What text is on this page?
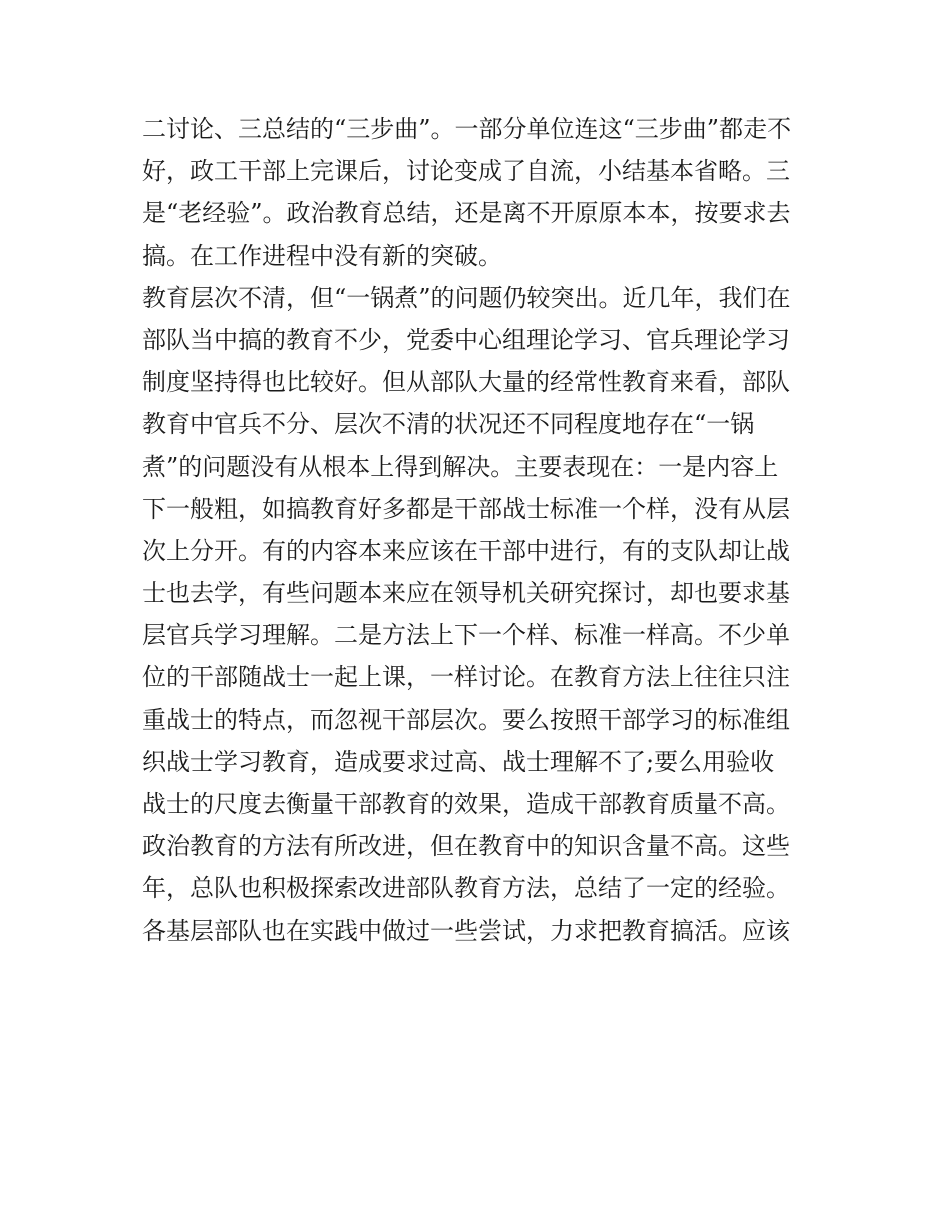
二讨论、三总结的“三步曲”。一部分单位连这“三步曲”都走不
好，政工干部上完课后，讨论变成了自流，小结基本省略。三
是“老经验”。政治教育总结，还是离不开原原本本，按要求去
搞。在工作进程中没有新的突破。
教育层次不清，但“一锅煮”的问题仍较突出。近几年，我们在
部队当中搞的教育不少，党委中心组理论学习、官兵理论学习
制度坚持得也比较好。但从部队大量的经常性教育来看，部队
教育中官兵不分、层次不清的状况还不同程度地存在“一锅
煮”的问题没有从根本上得到解决。主要表现在：一是内容上
下一般粗，如搞教育好多都是干部战士标准一个样，没有从层
次上分开。有的内容本来应该在干部中进行，有的支队却让战
士也去学，有些问题本来应在领导机关研究探讨，却也要求基
层官兵学习理解。二是方法上下一个样、标准一样高。不少单
位的干部随战士一起上课，一样讨论。在教育方法上往往只注
重战士的特点，而忽视干部层次。要么按照干部学习的标准组
织战士学习教育，造成要求过高、战士理解不了;要么用验收
战士的尺度去衡量干部教育的效果，造成干部教育质量不高。
政治教育的方法有所改进，但在教育中的知识含量不高。这些
年，总队也积极探索改进部队教育方法，总结了一定的经验。
各基层部队也在实践中做过一些尝试，力求把教育搞活。应该
